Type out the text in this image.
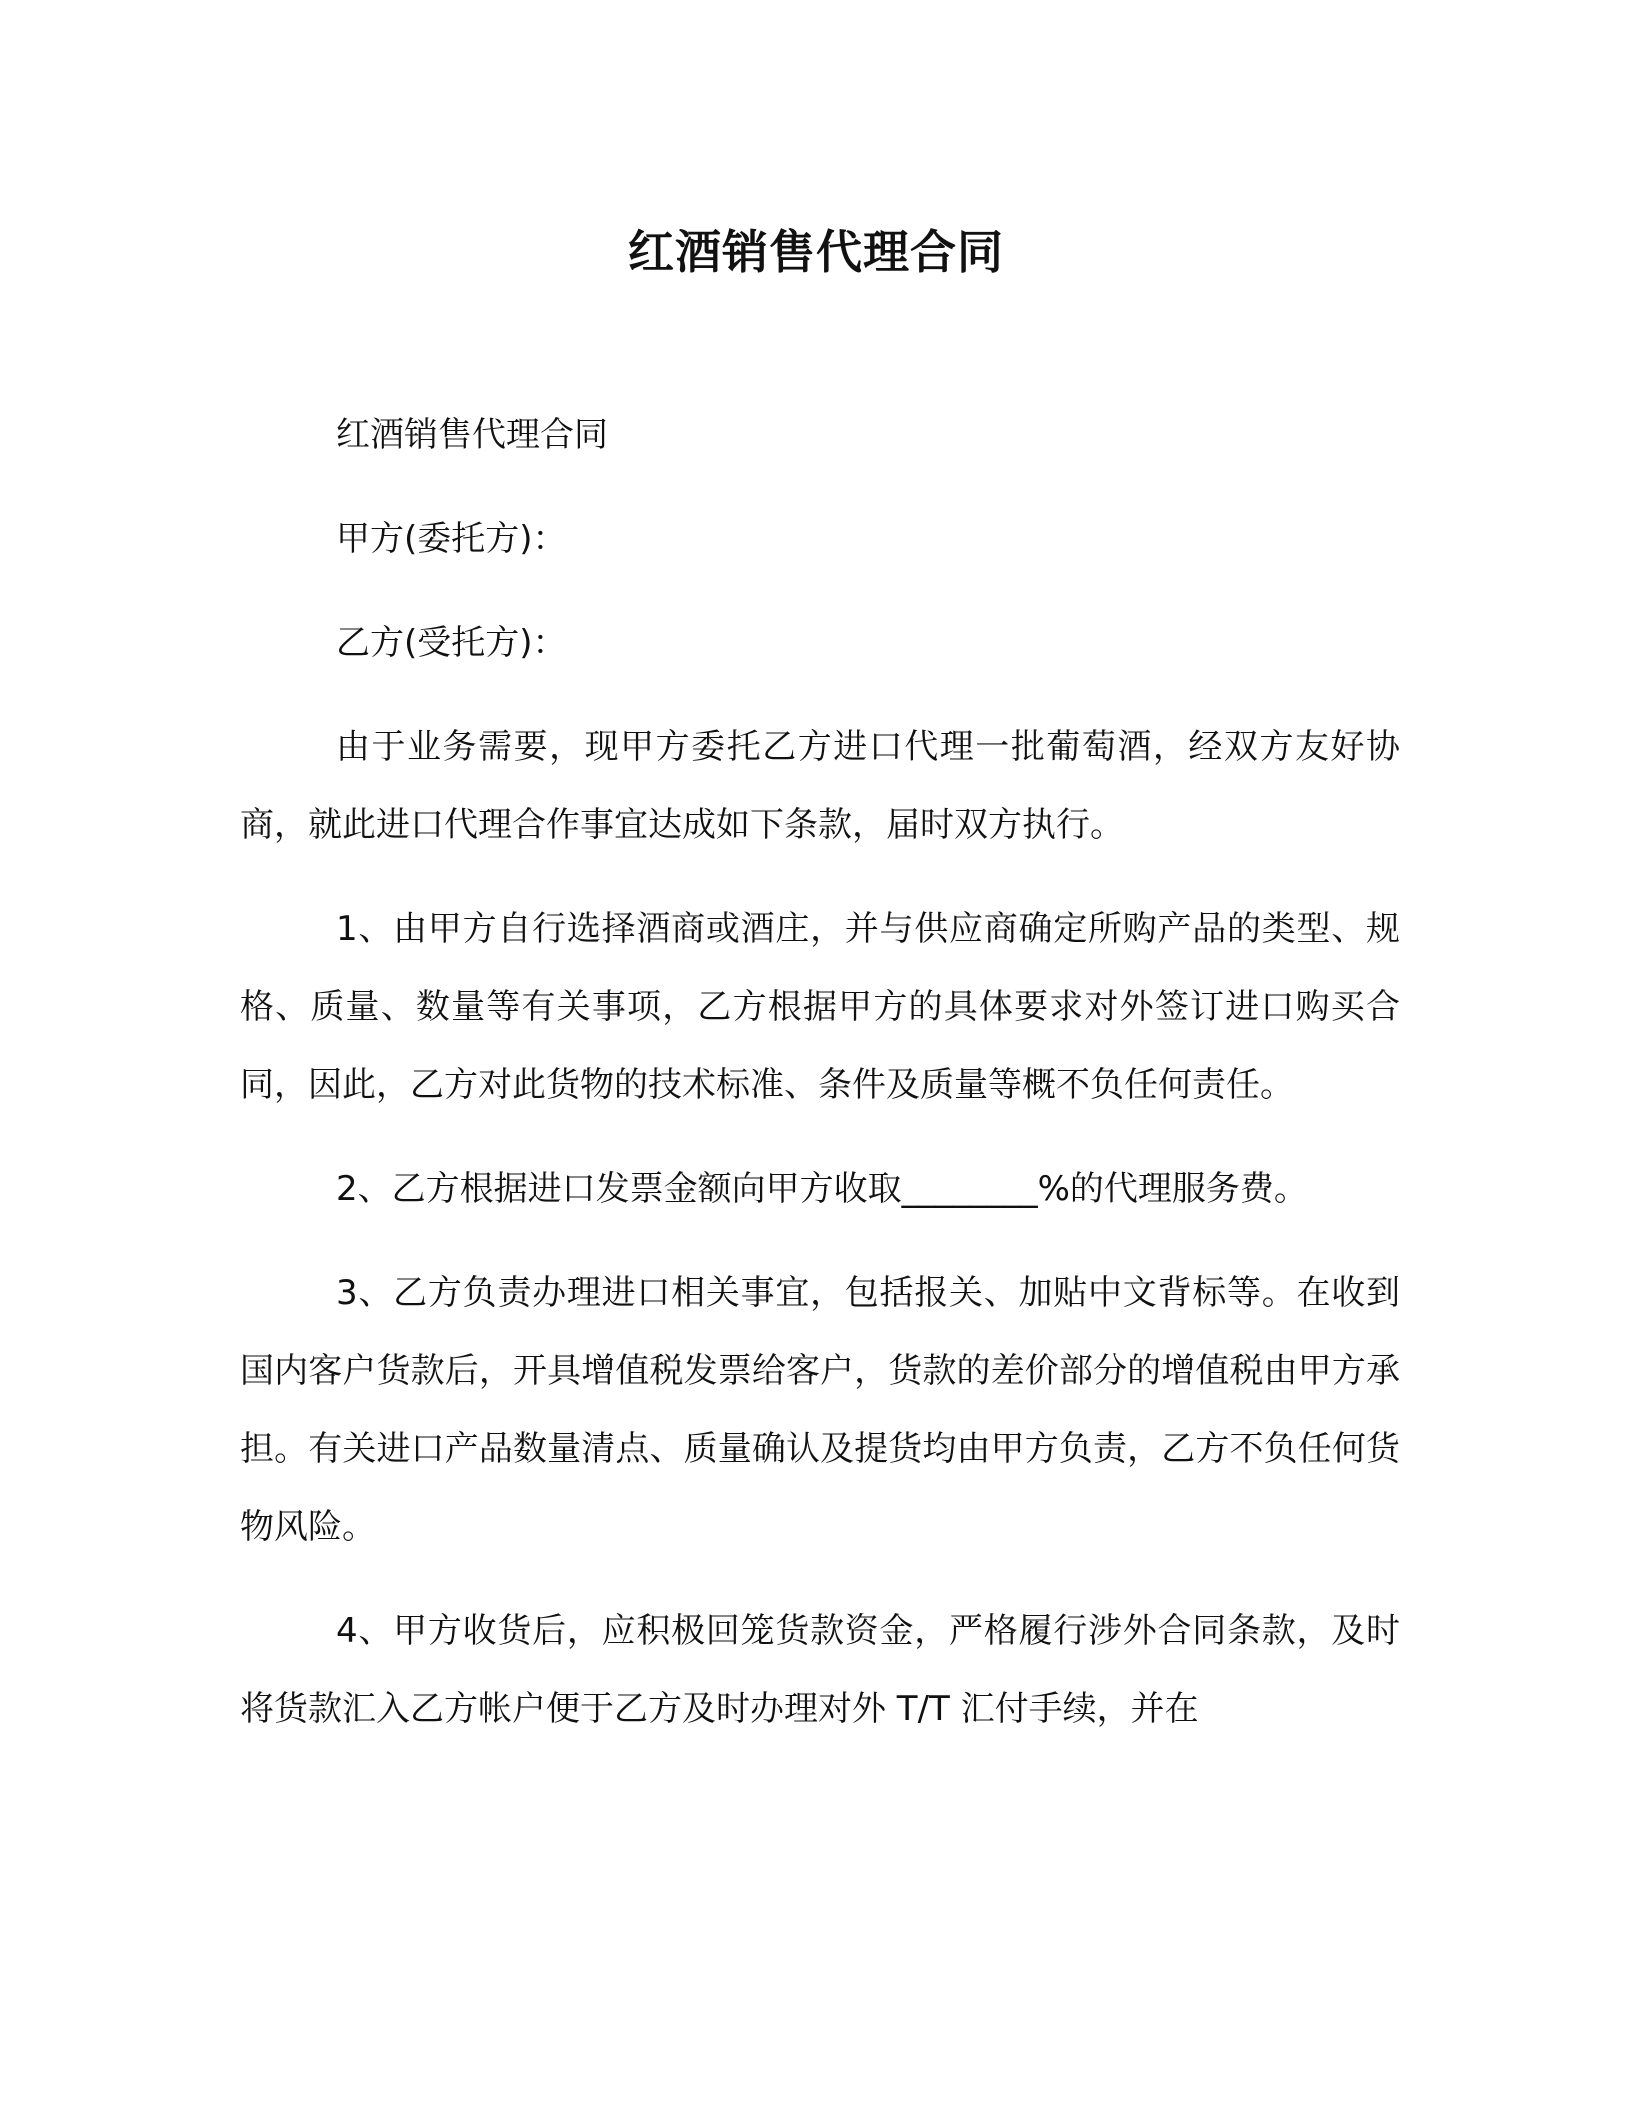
红酒销售代理合同

红酒销售代理合同

甲方(委托方)：

乙方(受托方)：

由于业务需要，现甲方委托乙方进口代理一批葡萄酒，经双方友好协商，就此进口代理合作事宜达成如下条款，届时双方执行。

1、由甲方自行选择酒商或酒庄，并与供应商确定所购产品的类型、规格、质量、数量等有关事项，乙方根据甲方的具体要求对外签订进口购买合同，因此，乙方对此货物的技术标准、条件及质量等概不负任何责任。

2、乙方根据进口发票金额向甲方收取________%的代理服务费。

3、乙方负责办理进口相关事宜，包括报关、加贴中文背标等。在收到国内客户货款后，开具增值税发票给客户，货款的差价部分的增值税由甲方承担。有关进口产品数量清点、质量确认及提货均由甲方负责，乙方不负任何货物风险。

4、甲方收货后，应积极回笼货款资金，严格履行涉外合同条款，及时将货款汇入乙方帐户便于乙方及时办理对外 T/T 汇付手续，并在
